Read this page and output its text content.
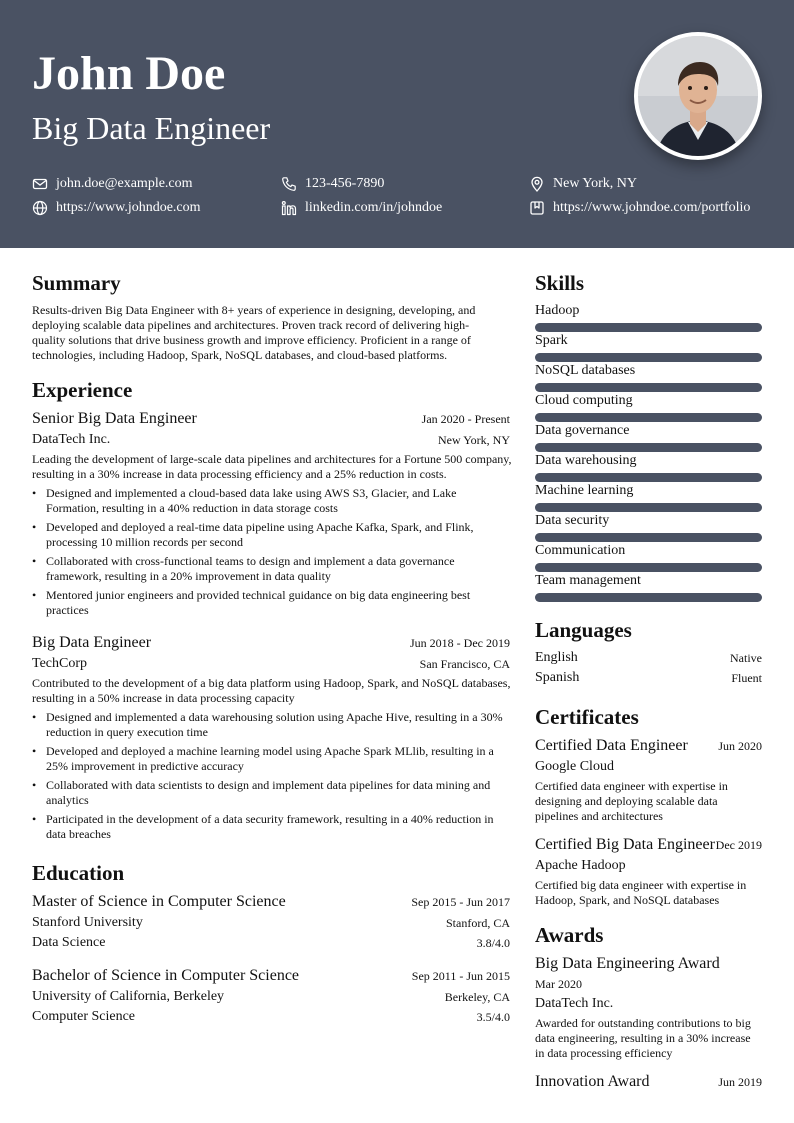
John Doe
Big Data Engineer
john.doe@example.com	123-456-7890	New York, NY
https://www.johndoe.com	linkedin.com/in/johndoe	https://www.johndoe.com/portfolio
Summary
Results-driven Big Data Engineer with 8+ years of experience in designing, developing, and deploying scalable data pipelines and architectures. Proven track record of delivering high-quality solutions that drive business growth and improve efficiency. Proficient in a range of technologies, including Hadoop, Spark, NoSQL databases, and cloud-based platforms.
Experience
Senior Big Data Engineer	Jan 2020 - Present
DataTech Inc.	New York, NY
Leading the development of large-scale data pipelines and architectures for a Fortune 500 company, resulting in a 30% increase in data processing efficiency and a 25% reduction in costs.
• Designed and implemented a cloud-based data lake using AWS S3, Glacier, and Lake Formation, resulting in a 40% reduction in data storage costs
• Developed and deployed a real-time data pipeline using Apache Kafka, Spark, and Flink, processing 10 million records per second
• Collaborated with cross-functional teams to design and implement a data governance framework, resulting in a 20% improvement in data quality
• Mentored junior engineers and provided technical guidance on big data engineering best practices
Big Data Engineer	Jun 2018 - Dec 2019
TechCorp	San Francisco, CA
Contributed to the development of a big data platform using Hadoop, Spark, and NoSQL databases, resulting in a 50% increase in data processing capacity
• Designed and implemented a data warehousing solution using Apache Hive, resulting in a 30% reduction in query execution time
• Developed and deployed a machine learning model using Apache Spark MLlib, resulting in a 25% improvement in predictive accuracy
• Collaborated with data scientists to design and implement data pipelines for data mining and analytics
• Participated in the development of a data security framework, resulting in a 40% reduction in data breaches
Education
Master of Science in Computer Science	Sep 2015 - Jun 2017
Stanford University	Stanford, CA
Data Science	3.8/4.0
Bachelor of Science in Computer Science	Sep 2011 - Jun 2015
University of California, Berkeley	Berkeley, CA
Computer Science	3.5/4.0
Skills
Hadoop
Spark
NoSQL databases
Cloud computing
Data governance
Data warehousing
Machine learning
Data security
Communication
Team management
Languages
English	Native
Spanish	Fluent
Certificates
Certified Data Engineer	Jun 2020
Google Cloud
Certified data engineer with expertise in designing and deploying scalable data pipelines and architectures
Certified Big Data Engineer Dec 2019
Apache Hadoop
Certified big data engineer with expertise in Hadoop, Spark, and NoSQL databases
Awards
Big Data Engineering Award
Mar 2020
DataTech Inc.
Awarded for outstanding contributions to big data engineering, resulting in a 30% increase in data processing efficiency
Innovation Award	Jun 2019
